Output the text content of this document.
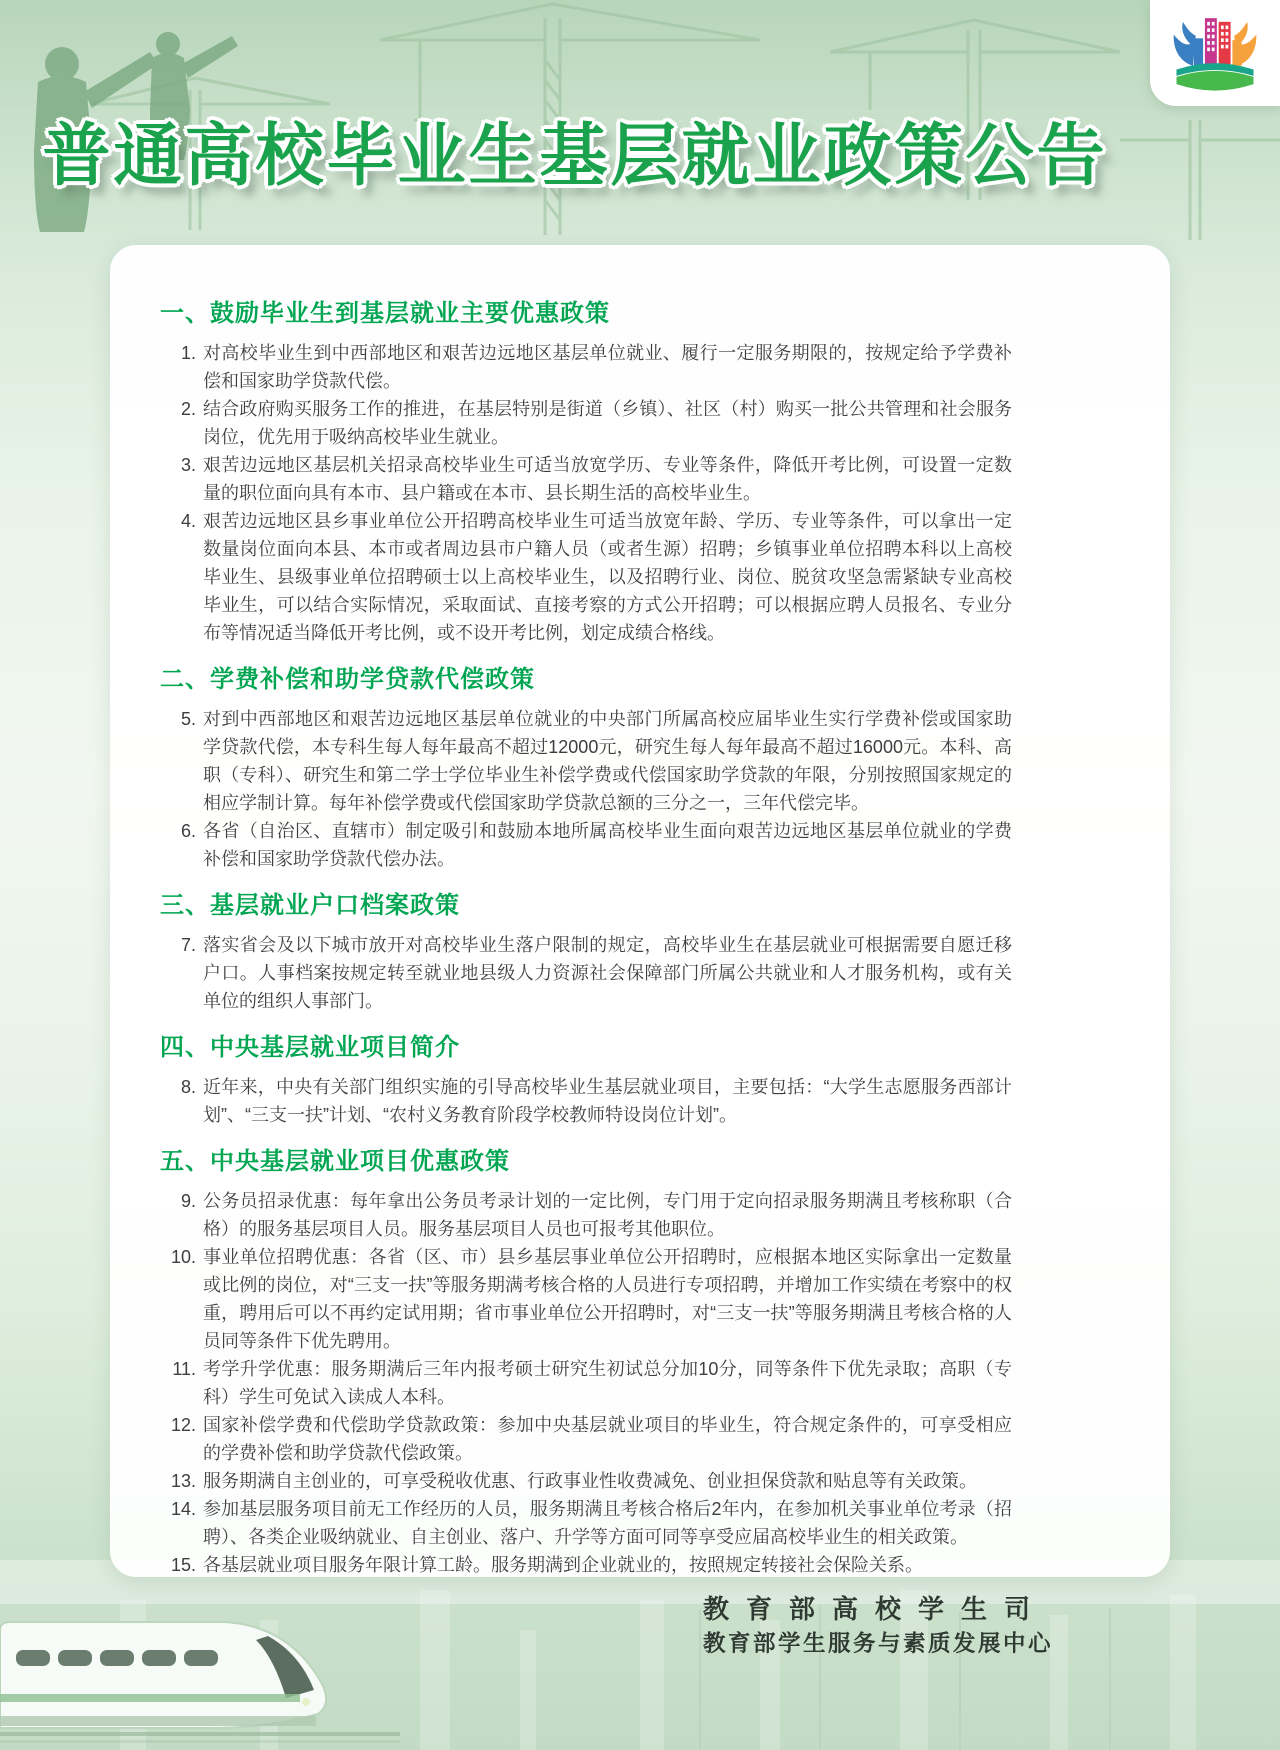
普通高校毕业生基层就业政策公告
一、鼓励毕业生到基层就业主要优惠政策
1. 对高校毕业生到中西部地区和艰苦边远地区基层单位就业、履行一定服务期限的，按规定给予学费补偿和国家助学贷款代偿。
2. 结合政府购买服务工作的推进，在基层特别是街道（乡镇）、社区（村）购买一批公共管理和社会服务岗位，优先用于吸纳高校毕业生就业。
3. 艰苦边远地区基层机关招录高校毕业生可适当放宽学历、专业等条件，降低开考比例，可设置一定数量的职位面向具有本市、县户籍或在本市、县长期生活的高校毕业生。
4. 艰苦边远地区县乡事业单位公开招聘高校毕业生可适当放宽年龄、学历、专业等条件，可以拿出一定数量岗位面向本县、本市或者周边县市户籍人员（或者生源）招聘；乡镇事业单位招聘本科以上高校毕业生、县级事业单位招聘硕士以上高校毕业生，以及招聘行业、岗位、脱贫攻坚急需紧缺专业高校毕业生，可以结合实际情况，采取面试、直接考察的方式公开招聘；可以根据应聘人员报名、专业分布等情况适当降低开考比例，或不设开考比例，划定成绩合格线。
二、学费补偿和助学贷款代偿政策
5. 对到中西部地区和艰苦边远地区基层单位就业的中央部门所属高校应届毕业生实行学费补偿或国家助学贷款代偿，本专科生每人每年最高不超过12000元，研究生每人每年最高不超过16000元。本科、高职（专科）、研究生和第二学士学位毕业生补偿学费或代偿国家助学贷款的年限，分别按照国家规定的相应学制计算。每年补偿学费或代偿国家助学贷款总额的三分之一，三年代偿完毕。
6. 各省（自治区、直辖市）制定吸引和鼓励本地所属高校毕业生面向艰苦边远地区基层单位就业的学费补偿和国家助学贷款代偿办法。
三、基层就业户口档案政策
7. 落实省会及以下城市放开对高校毕业生落户限制的规定，高校毕业生在基层就业可根据需要自愿迁移户口。人事档案按规定转至就业地县级人力资源社会保障部门所属公共就业和人才服务机构，或有关单位的组织人事部门。
四、中央基层就业项目简介
8. 近年来，中央有关部门组织实施的引导高校毕业生基层就业项目，主要包括：“大学生志愿服务西部计划”、“三支一扶”计划、“农村义务教育阶段学校教师特设岗位计划”。
五、中央基层就业项目优惠政策
9. 公务员招录优惠：每年拿出公务员考录计划的一定比例，专门用于定向招录服务期满且考核称职（合格）的服务基层项目人员。服务基层项目人员也可报考其他职位。
10. 事业单位招聘优惠：各省（区、市）县乡基层事业单位公开招聘时，应根据本地区实际拿出一定数量或比例的岗位，对“三支一扶”等服务期满考核合格的人员进行专项招聘，并增加工作实绩在考察中的权重，聘用后可以不再约定试用期；省市事业单位公开招聘时，对“三支一扶”等服务期满且考核合格的人员同等条件下优先聘用。
11. 考学升学优惠：服务期满后三年内报考硕士研究生初试总分加10分，同等条件下优先录取；高职（专科）学生可免试入读成人本科。
12. 国家补偿学费和代偿助学贷款政策：参加中央基层就业项目的毕业生，符合规定条件的，可享受相应的学费补偿和助学贷款代偿政策。
13. 服务期满自主创业的，可享受税收优惠、行政事业性收费减免、创业担保贷款和贴息等有关政策。
14. 参加基层服务项目前无工作经历的人员，服务期满且考核合格后2年内，在参加机关事业单位考录（招聘）、各类企业吸纳就业、自主创业、落户、升学等方面可同等享受应届高校毕业生的相关政策。
15. 各基层就业项目服务年限计算工龄。服务期满到企业就业的，按照规定转接社会保险关系。
教育部高校学生司
教育部学生服务与素质发展中心
